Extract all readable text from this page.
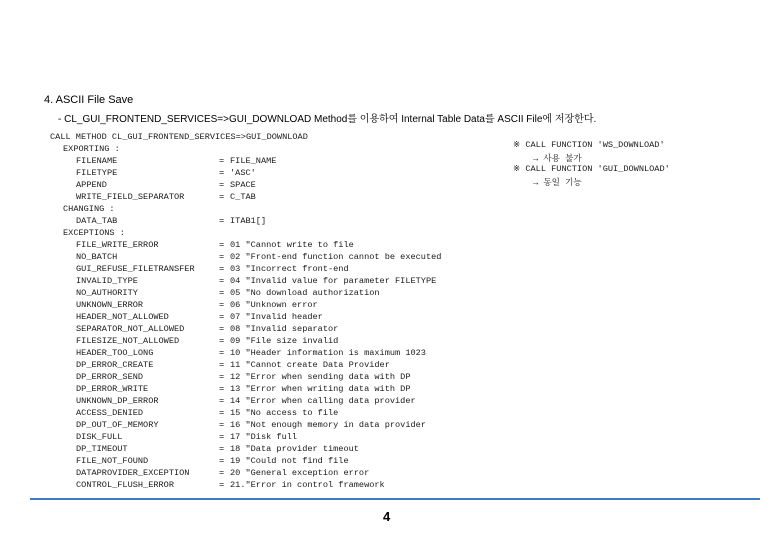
4. ASCII File Save
- CL_GUI_FRONTEND_SERVICES=>GUI_DOWNLOAD Method를 이용하여 Internal Table Data를 ASCII File에 저장한다.
CALL METHOD CL_GUI_FRONTEND_SERVICES=>GUI_DOWNLOAD
EXPORTING :
FILENAME	= FILE_NAME
FILETYPE	= 'ASC'
APPEND	= SPACE
WRITE_FIELD_SEPARATOR	= C_TAB
CHANGING :
DATA_TAB	= ITAB1[]
EXCEPTIONS :
FILE_WRITE_ERROR	= 01 "Cannot write to file
NO_BATCH	= 02 "Front-end function cannot be executed
GUI_REFUSE_FILETRANSFER	= 03 "Incorrect front-end
INVALID_TYPE	= 04 "Invalid value for parameter FILETYPE
NO_AUTHORITY	= 05 "No download authorization
UNKNOWN_ERROR	= 06 "Unknown error
HEADER_NOT_ALLOWED	= 07 "Invalid header
SEPARATOR_NOT_ALLOWED	= 08 "Invalid separator
FILESIZE_NOT_ALLOWED	= 09 "File size invalid
HEADER_TOO_LONG	= 10 "Header information is maximum 1023
DP_ERROR_CREATE	= 11 "Cannot create Data Provider
DP_ERROR_SEND	= 12 "Error when sending data with DP
DP_ERROR_WRITE	= 13 "Error when writing data with DP
UNKNOWN_DP_ERROR	= 14 "Error when calling data provider
ACCESS_DENIED	= 15 "No access to file
DP_OUT_OF_MEMORY	= 16 "Not enough memory in data provider
DISK_FULL	= 17 "Disk full
DP_TIMEOUT	= 18 "Data provider timeout
FILE_NOT_FOUND	= 19 "Could not find file
DATAPROVIDER_EXCEPTION	= 20 "General exception error
CONTROL_FLUSH_ERROR	= 21."Error in control framework
※ CALL FUNCTION 'WS_DOWNLOAD'
→ 사용 불가
※ CALL FUNCTION 'GUI_DOWNLOAD'
→ 동일 기능
4
